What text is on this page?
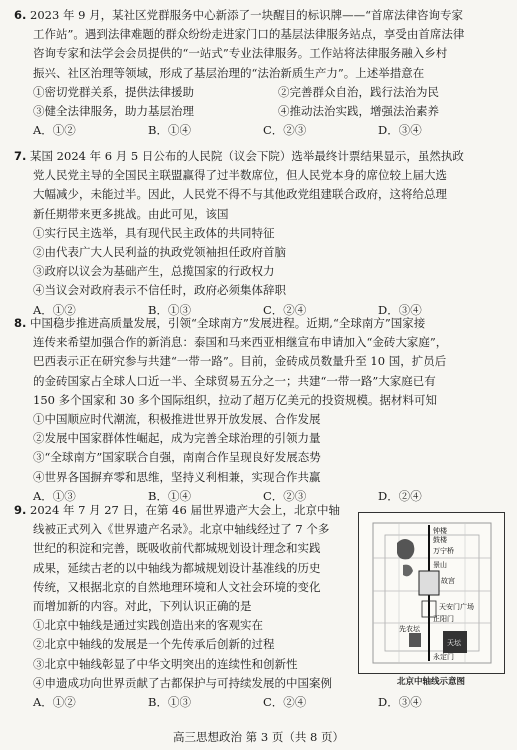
6. 2023 年 9 月，某社区党群服务中心新添了一块醒目的标识牌——“首席法律咨询专家
工作站”。遇到法律难题的群众纷纷走进家门口的基层法律服务站点，享受由首席法律
咨询专家和法学会会员提供的“一站式”专业法律服务。工作站将法律服务融入乡村
振兴、社区治理等领域，形成了基层治理的“法治新质生产力”。上述举措意在
①密切党群关系，提供法律援助	②完善群众自治，践行法治为民
③健全法律服务，助力基层治理	④推动法治实践，增强法治素养
A．①②	B．①④	C．②③	D．③④
7. 某国 2024 年 6 月 5 日公布的人民院（议会下院）选举最终计票结果显示，虽然执政
党人民党主导的全国民主联盟赢得了过半数席位，但人民党本身的席位较上届大选
大幅减少，未能过半。因此，人民党不得不与其他政党组建联合政府，这将给总理
新任期带来更多挑战。由此可见，该国
①实行民主选举，具有现代民主政体的共同特征
②由代表广大人民利益的执政党领袖担任政府首脑
③政府以议会为基础产生，总揽国家的行政权力
④当议会对政府表示不信任时，政府必须集体辞职
A．①②	B．①③	C．②④	D．③④
8. 中国稳步推进高质量发展，引领“全球南方”发展进程。近期,“全球南方”国家接
连传来希望加强合作的新消息：泰国和马来西亚相继宣布申请加入“金砖大家庭”，
巴西表示正在研究参与共建“一带一路”。目前，金砖成员数量升至 10 国，扩员后
的金砖国家占全球人口近一半、全球贸易五分之一；共建“一带一路”大家庭已有
150 多个国家和 30 多个国际组织，拉动了超万亿美元的投资规模。据材料可知
①中国顺应时代潮流，积极推进世界开放发展、合作发展
②发展中国家群体性崛起，成为完善全球治理的引领力量
③“全球南方”国家联合自强，南南合作呈现良好发展态势
④世界各国摒弃零和思维，坚持义利相兼，实现合作共赢
A．①③	B．①④	C．②③	D．②④
9. 2024 年 7 月 27 日，在第 46 届世界遗产大会上，北京中轴
线被正式列入《世界遗产名录》。北京中轴线经过了 7 个多
世纪的积淀和完善，既吸收前代都城规划设计理念和实践
成果，延续古老的以中轴线为都城规划设计基准线的历史
传统，又根据北京的自然地理环境和人文社会环境的变化
而增加新的内容。对此，下列认识正确的是
①北京中轴线是通过实践创造出来的客观实在
②北京中轴线的发展是一个先传承后创新的过程
③北京中轴线彰显了中华文明突出的连续性和创新性
④申遗成功向世界贡献了古都保护与可持续发展的中国案例
A．①②	B．①③	C．②④	D．③④
钟楼
鼓楼
万宁桥
景山
故宫
天安门广场
正阳门
天坛
先农坛
永定门
北京中轴线示意图
高三思想政治 第 3 页（共 8 页）
